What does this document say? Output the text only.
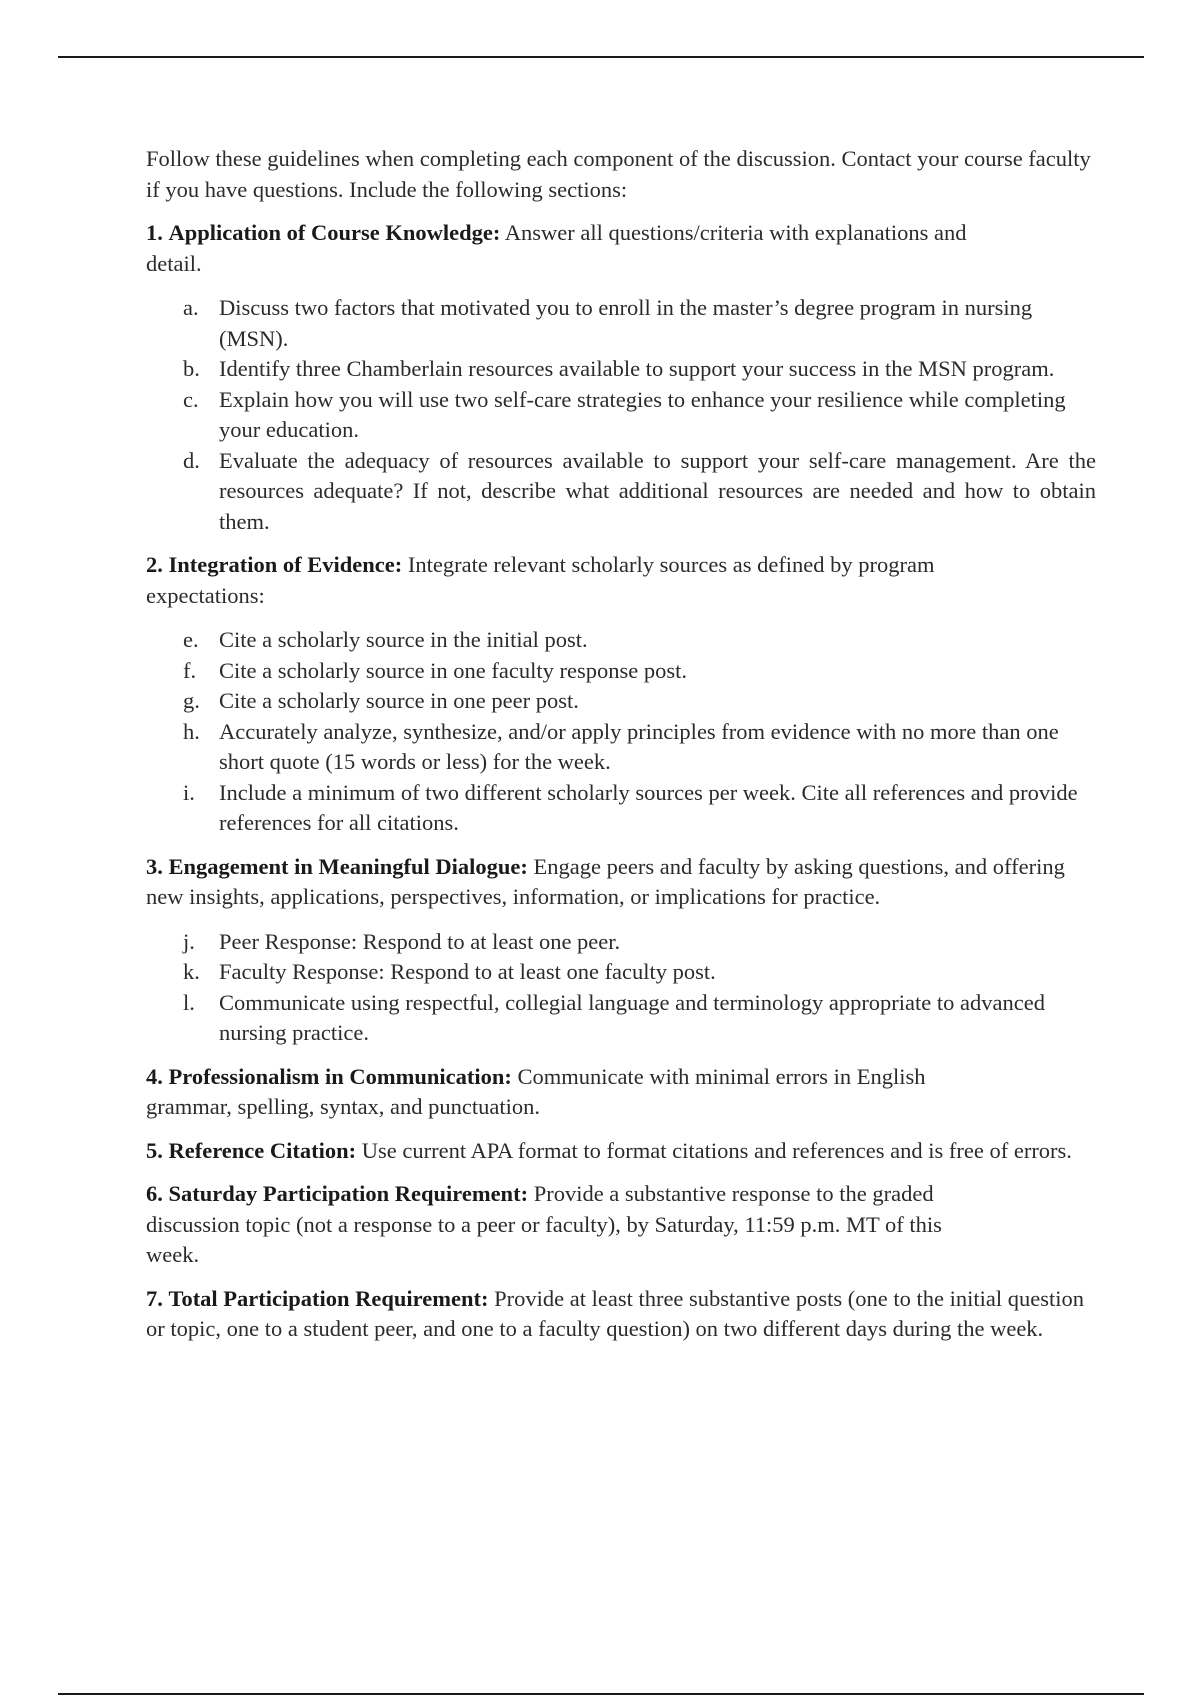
Follow these guidelines when completing each component of the discussion. Contact your course faculty if you have questions. Include the following sections:

1. Application of Course Knowledge: Answer all questions/criteria with explanations and detail.

a. Discuss two factors that motivated you to enroll in the master’s degree program in nursing (MSN).
b. Identify three Chamberlain resources available to support your success in the MSN program.
c. Explain how you will use two self-care strategies to enhance your resilience while completing your education.
d. Evaluate the adequacy of resources available to support your self-care management. Are the resources adequate? If not, describe what additional resources are needed and how to obtain them.

2. Integration of Evidence: Integrate relevant scholarly sources as defined by program expectations:

e. Cite a scholarly source in the initial post.
f. Cite a scholarly source in one faculty response post.
g. Cite a scholarly source in one peer post.
h. Accurately analyze, synthesize, and/or apply principles from evidence with no more than one short quote (15 words or less) for the week.
i. Include a minimum of two different scholarly sources per week. Cite all references and provide references for all citations.

3. Engagement in Meaningful Dialogue: Engage peers and faculty by asking questions, and offering new insights, applications, perspectives, information, or implications for practice.

j. Peer Response: Respond to at least one peer.
k. Faculty Response: Respond to at least one faculty post.
l. Communicate using respectful, collegial language and terminology appropriate to advanced nursing practice.

4. Professionalism in Communication: Communicate with minimal errors in English grammar, spelling, syntax, and punctuation.

5. Reference Citation: Use current APA format to format citations and references and is free of errors.

6. Saturday Participation Requirement: Provide a substantive response to the graded discussion topic (not a response to a peer or faculty), by Saturday, 11:59 p.m. MT of this week.

7. Total Participation Requirement: Provide at least three substantive posts (one to the initial question or topic, one to a student peer, and one to a faculty question) on two different days during the week.
